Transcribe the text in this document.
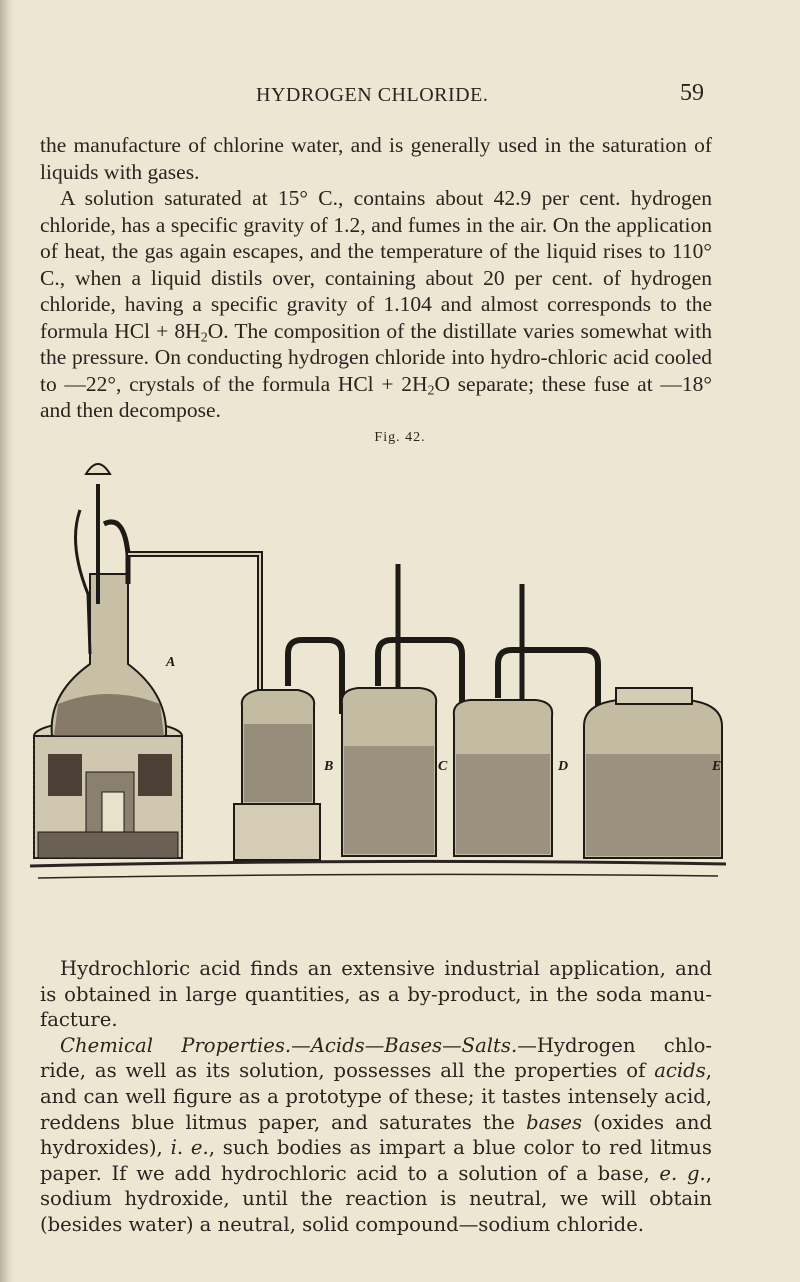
HYDROGEN CHLORIDE.	59

the manufacture of chlorine water, and is generally used in the saturation of liquids with gases.

A solution saturated at 15° C., contains about 42.9 per cent. hydrogen chloride, has a specific gravity of 1.2, and fumes in the air. On the application of heat, the gas again escapes, and the temperature of the liquid rises to 110° C., when a liquid distils over, containing about 20 per cent. of hydrogen chloride, having a specific gravity of 1.104 and almost corresponds to the formula HCl + $8H_2O$. The composition of the distillate varies somewhat with the pressure. On conducting hydrogen chloride into hydro-chloric acid cooled to —22°, crystals of the formula HCl + $2H_2O$ separate; these fuse at —18° and then decompose.

Fig. 42.
A
B	C	D	E

Hydrochloric acid finds an extensive industrial application, and is obtained in large quantities, as a by-product, in the soda manu-facture.

Chemical Properties.—Acids—Bases—Salts.—Hydrogen chlo-ride, as well as its solution, possesses all the properties of acids, and can well figure as a prototype of these; it tastes intensely acid, reddens blue litmus paper, and saturates the bases (oxides and hydroxides), i. e., such bodies as impart a blue color to red litmus paper. If we add hydrochloric acid to a solution of a base, e. g., sodium hydroxide, until the reaction is neutral, we will obtain (besides water) a neutral, solid compound—sodium chloride.
